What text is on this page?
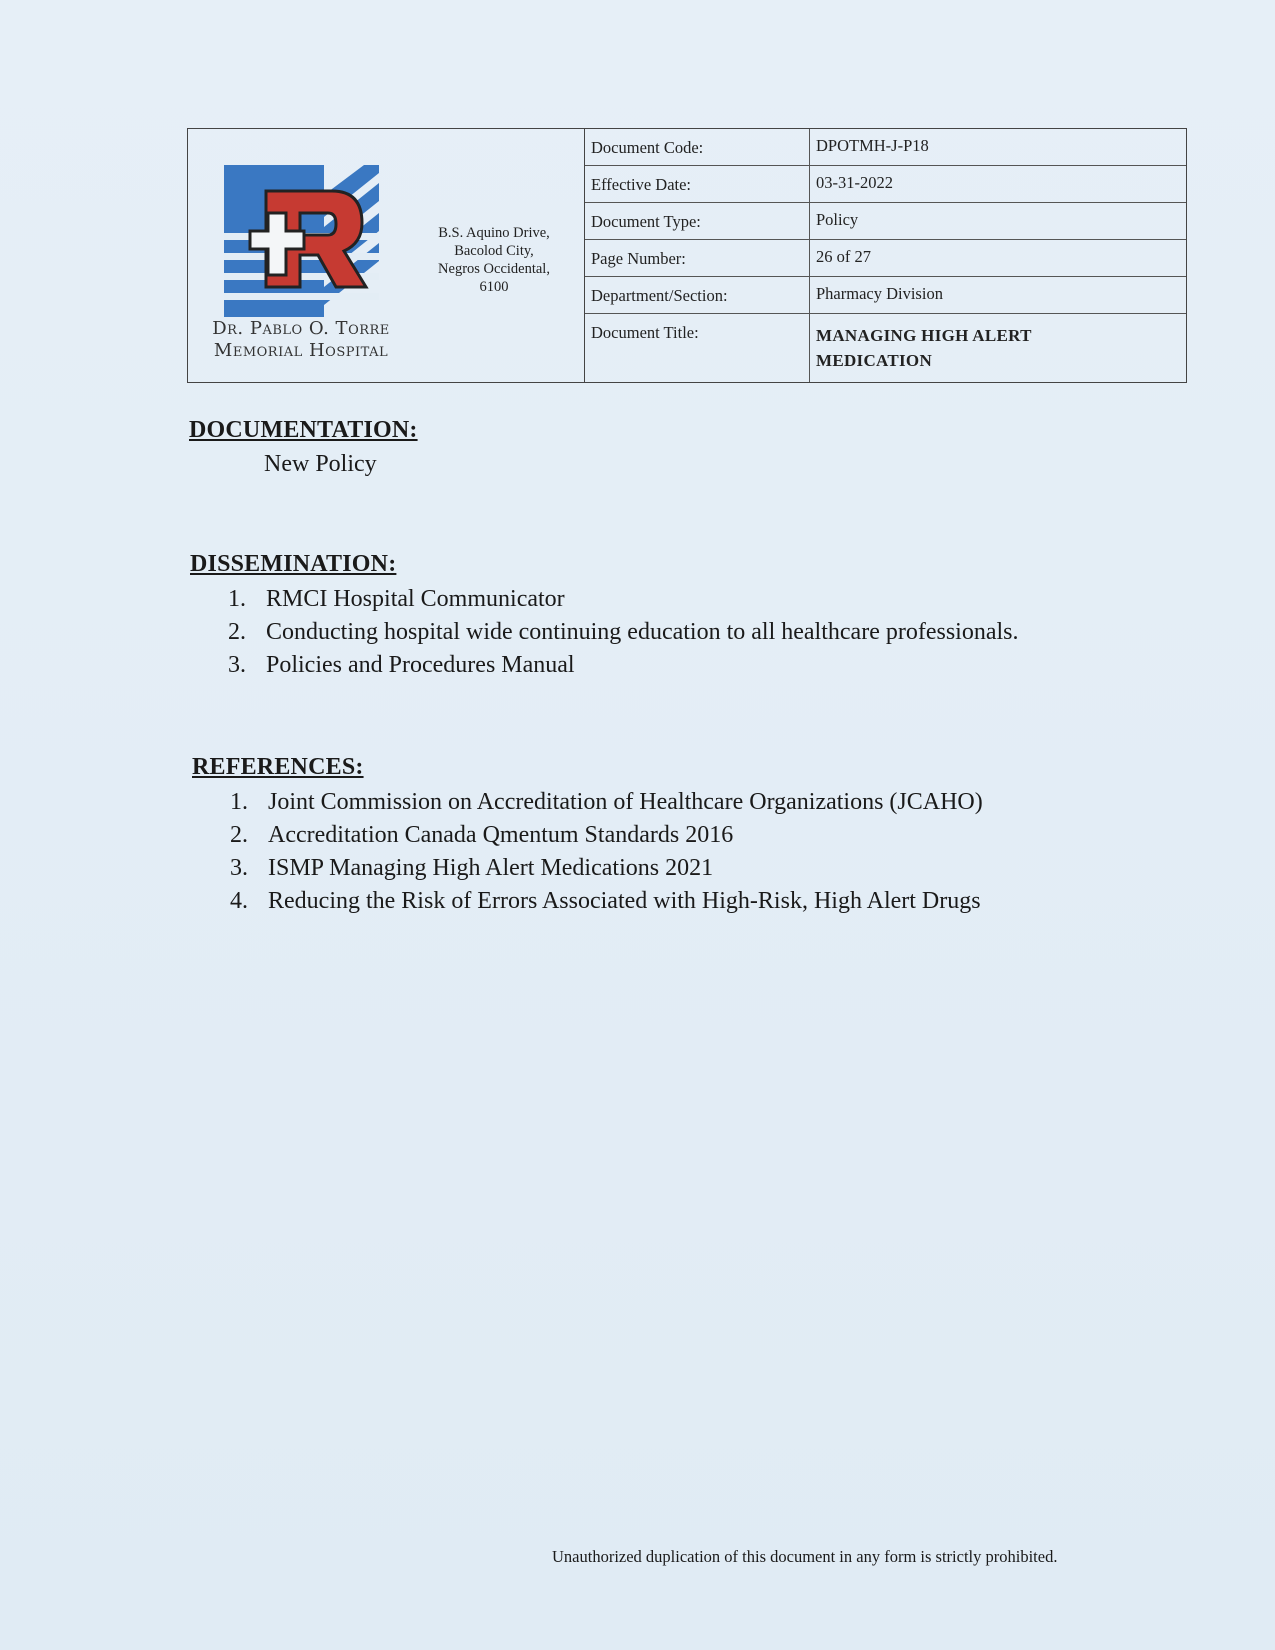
Dr. Pablo O. Torre
Memorial Hospital
B.S. Aquino Drive,
Bacolod City,
Negros Occidental,
6100
Document Code:	DPOTMH-J-P18
Effective Date:	03-31-2022
Document Type:	Policy
Page Number:	26 of 27
Department/Section:	Pharmacy Division
Document Title:	MANAGING HIGH ALERT
MEDICATION
DOCUMENTATION:
New Policy
DISSEMINATION:
1. RMCI Hospital Communicator
2. Conducting hospital wide continuing education to all healthcare professionals.
3. Policies and Procedures Manual
REFERENCES:
1. Joint Commission on Accreditation of Healthcare Organizations (JCAHO)
2. Accreditation Canada Qmentum Standards 2016
3. ISMP Managing High Alert Medications 2021
4. Reducing the Risk of Errors Associated with High-Risk, High Alert Drugs
Unauthorized duplication of this document in any form is strictly prohibited.
